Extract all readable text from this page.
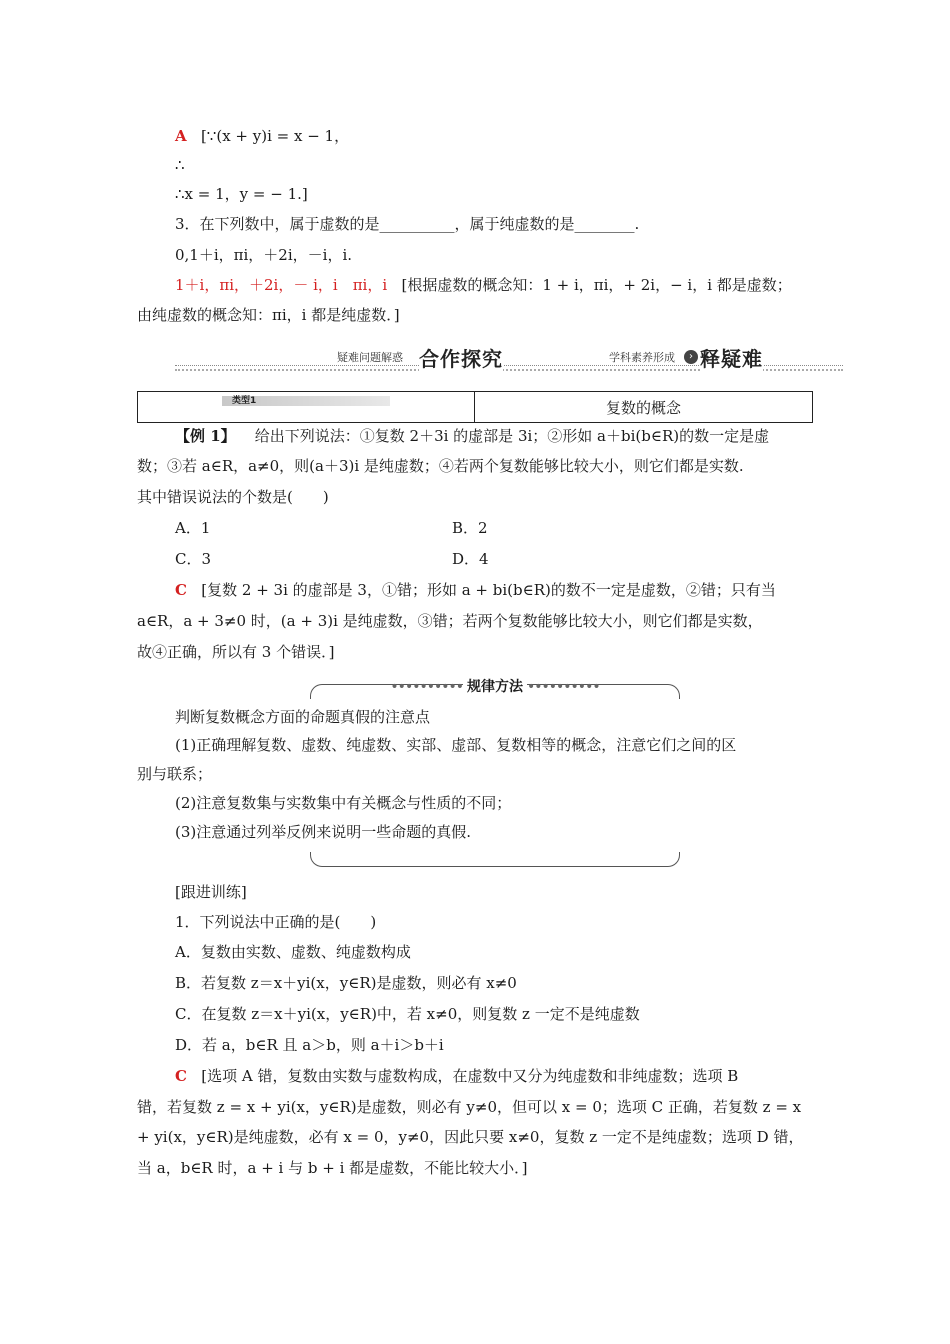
A [∵(x + y)i = x − 1，
∴
∴x = 1，y = − 1.]
3．在下列数中，属于虚数的是__________，属于纯虚数的是________.
0,1＋i，πi，＋2i，－i，i.
1＋i，πi，＋2i，－ i，i　πi，i [根据虚数的概念知：1 + i，πi，+ 2i，− i，i 都是虚数；
由纯虚数的概念知：πi，i 都是纯虚数．]
疑难问题解惑 合作探究	› 释疑难
学科素养形成
类型1	复数的概念
【例 1】 给出下列说法：①复数 2＋3i 的虚部是 3i；②形如 a＋bi(b∈R)的数一定是虚
数；③若 a∈R，a≠0，则(a＋3)i 是纯虚数；④若两个复数能够比较大小，则它们都是实数.
其中错误说法的个数是(　　)
A．1	B．2
C．3	D．4
C [复数 2 + 3i 的虚部是 3，①错；形如 a + bi(b∈R)的数不一定是虚数，②错；只有当
a∈R，a + 3≠0 时，(a + 3)i 是纯虚数，③错；若两个复数能够比较大小，则它们都是实数，
故④正确，所以有 3 个错误．]
•••••••••• 规律方法 ••••••••••
判断复数概念方面的命题真假的注意点
(1)正确理解复数、虚数、纯虚数、实部、虚部、复数相等的概念，注意它们之间的区
别与联系；
(2)注意复数集与实数集中有关概念与性质的不同；
(3)注意通过列举反例来说明一些命题的真假.
[跟进训练]
1．下列说法中正确的是(　　)
A．复数由实数、虚数、纯虚数构成
B．若复数 z＝x＋yi(x，y∈R)是虚数，则必有 x≠0
C．在复数 z＝x＋yi(x，y∈R)中，若 x≠0，则复数 z 一定不是纯虚数
D．若 a，b∈R 且 a＞b，则 a＋i＞b＋i
C [选项 A 错，复数由实数与虚数构成，在虚数中又分为纯虚数和非纯虚数；选项 B
错，若复数 z = x + yi(x，y∈R)是虚数，则必有 y≠0，但可以 x = 0；选项 C 正确，若复数 z = x
+ yi(x，y∈R)是纯虚数，必有 x = 0，y≠0，因此只要 x≠0，复数 z 一定不是纯虚数；选项 D 错，
当 a，b∈R 时，a + i 与 b + i 都是虚数，不能比较大小．]
